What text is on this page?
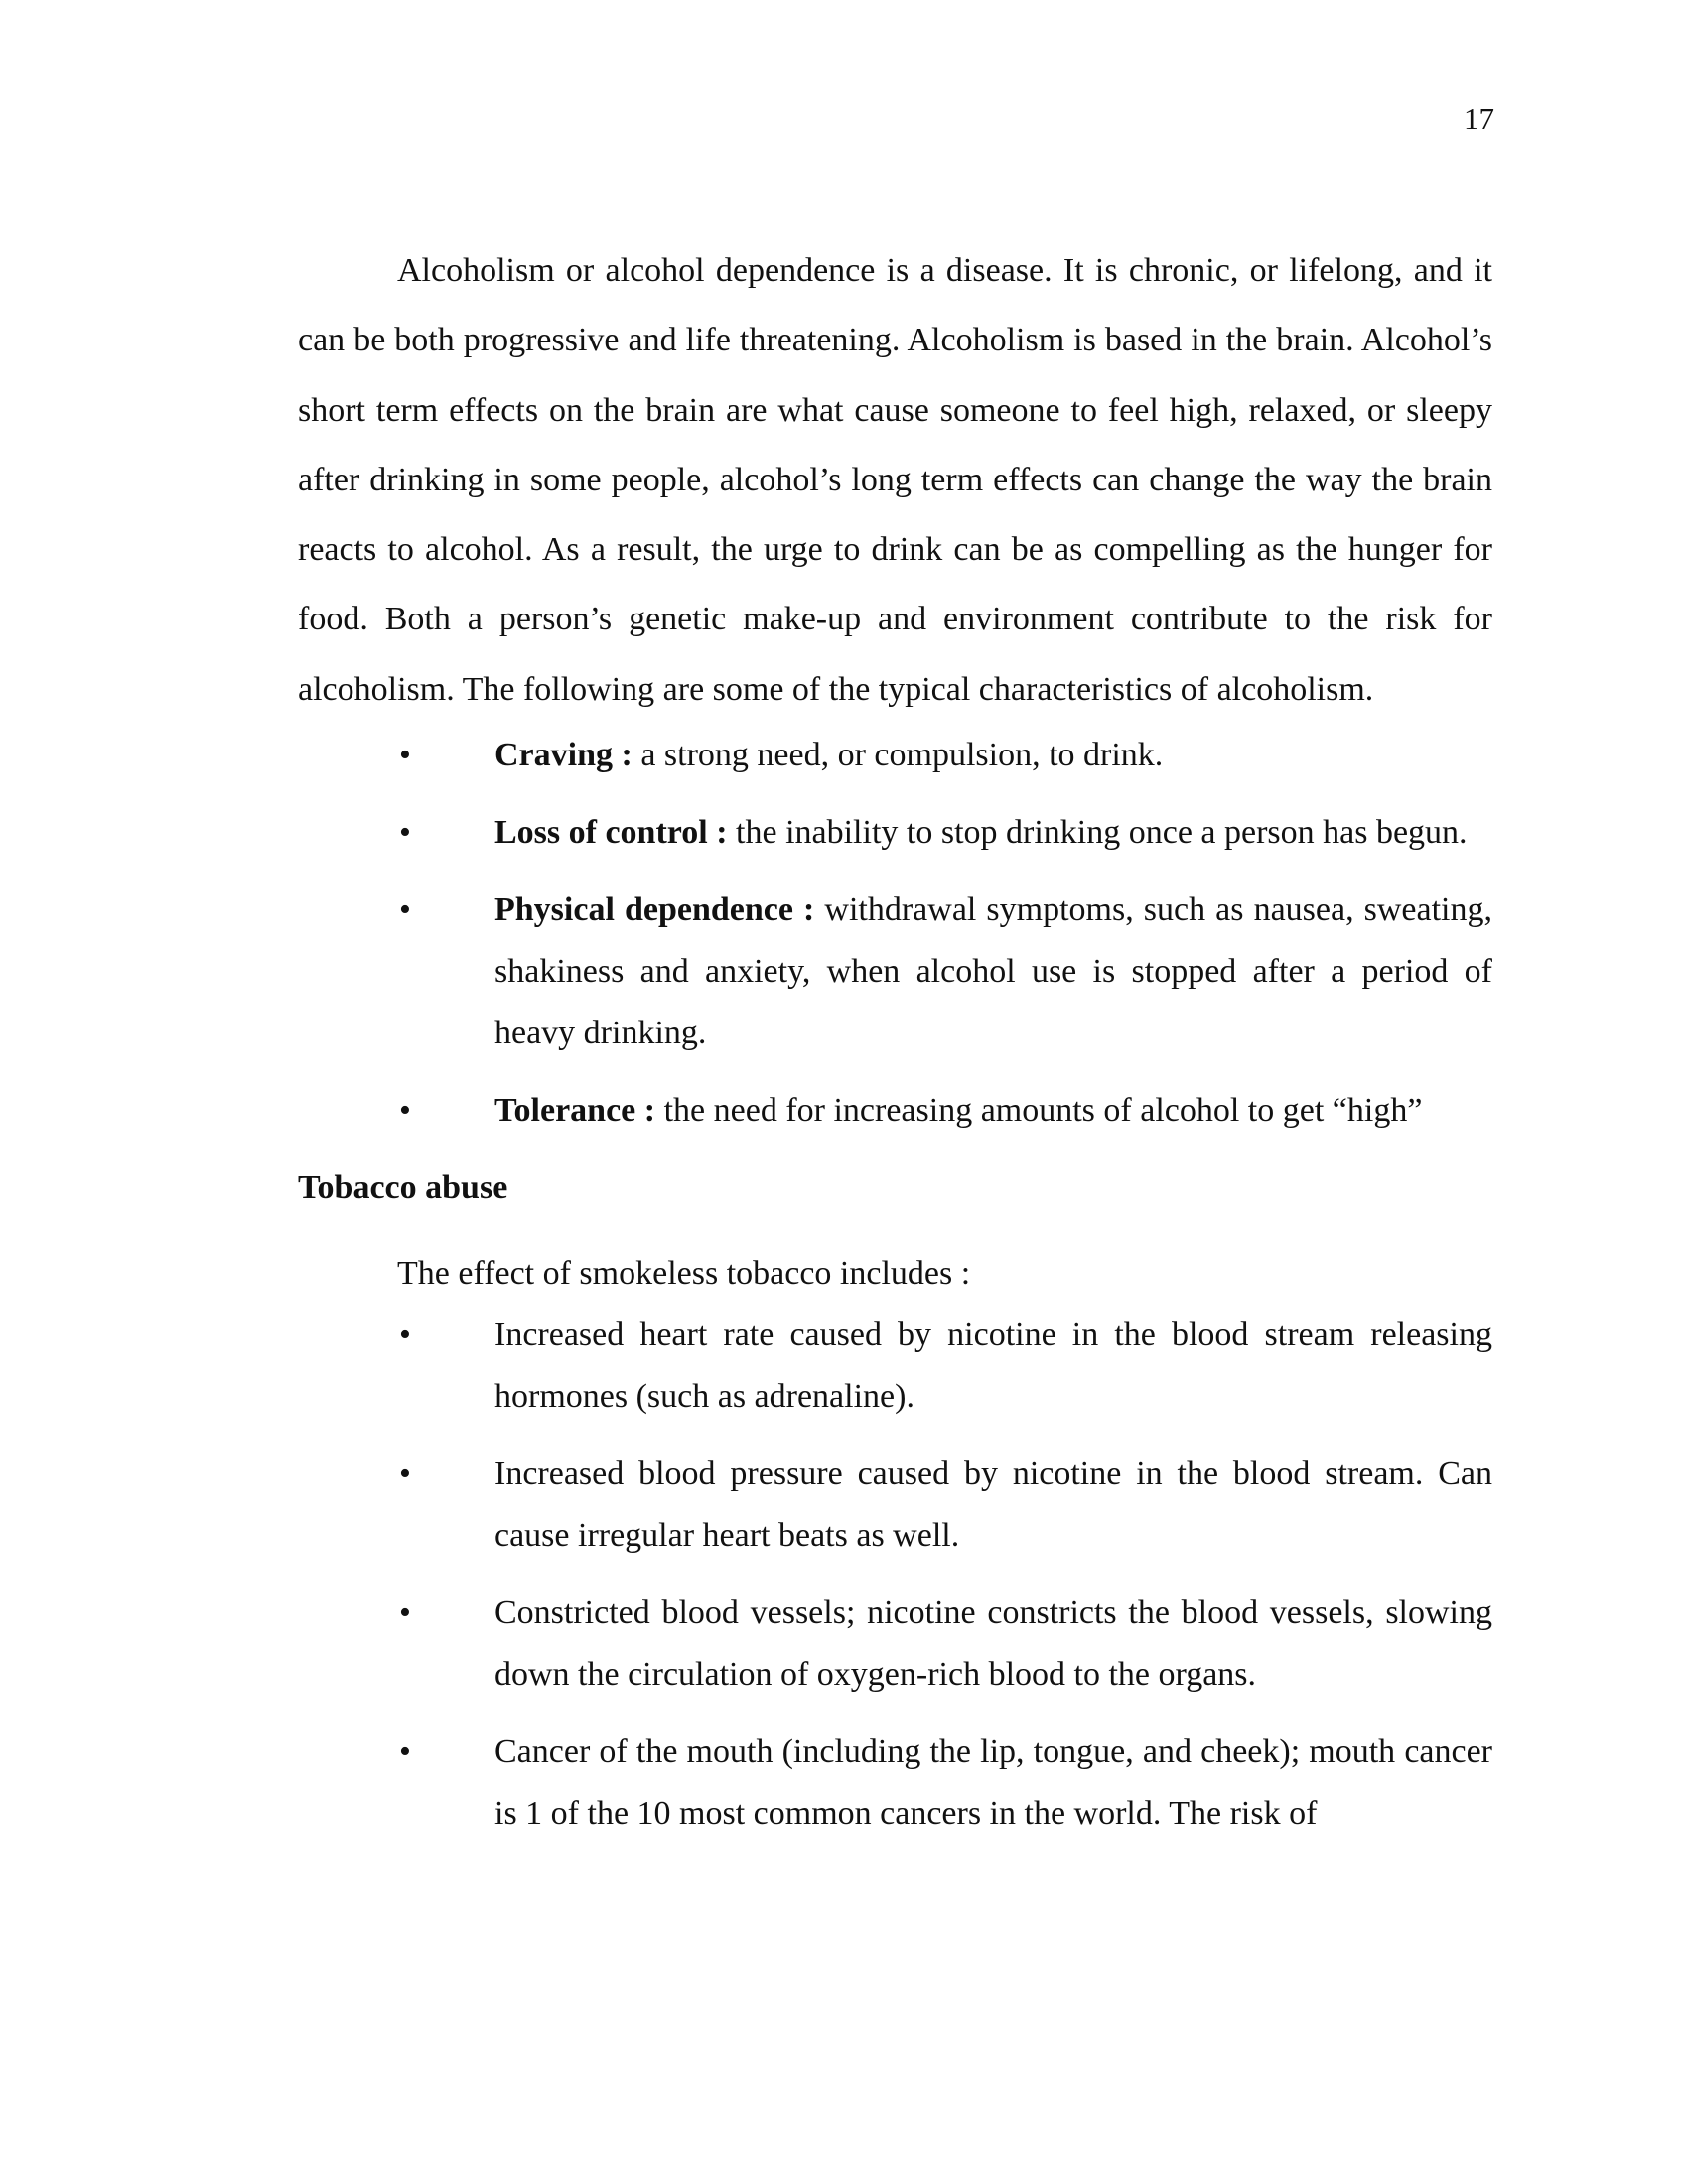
17

Alcoholism or alcohol dependence is a disease. It is chronic, or lifelong, and it can be both progressive and life threatening. Alcoholism is based in the brain. Alcohol’s short term effects on the brain are what cause someone to feel high, relaxed, or sleepy after drinking in some people, alcohol’s long term effects can change the way the brain reacts to alcohol. As a result, the urge to drink can be as compelling as the hunger for food. Both a person’s genetic make-up and environment contribute to the risk for alcoholism. The following are some of the typical characteristics of alcoholism.

• Craving : a strong need, or compulsion, to drink.
• Loss of control : the inability to stop drinking once a person has begun.
• Physical dependence : withdrawal symptoms, such as nausea, sweating, shakiness and anxiety, when alcohol use is stopped after a period of heavy drinking.
• Tolerance : the need for increasing amounts of alcohol to get “high”
Tobacco abuse

The effect of smokeless tobacco includes :

• Increased heart rate caused by nicotine in the blood stream releasing hormones (such as adrenaline).
• Increased blood pressure caused by nicotine in the blood stream. Can cause irregular heart beats as well.
• Constricted blood vessels; nicotine constricts the blood vessels, slowing down the circulation of oxygen-rich blood to the organs.
• Cancer of the mouth (including the lip, tongue, and cheek); mouth cancer is 1 of the 10 most common cancers in the world. The risk of
